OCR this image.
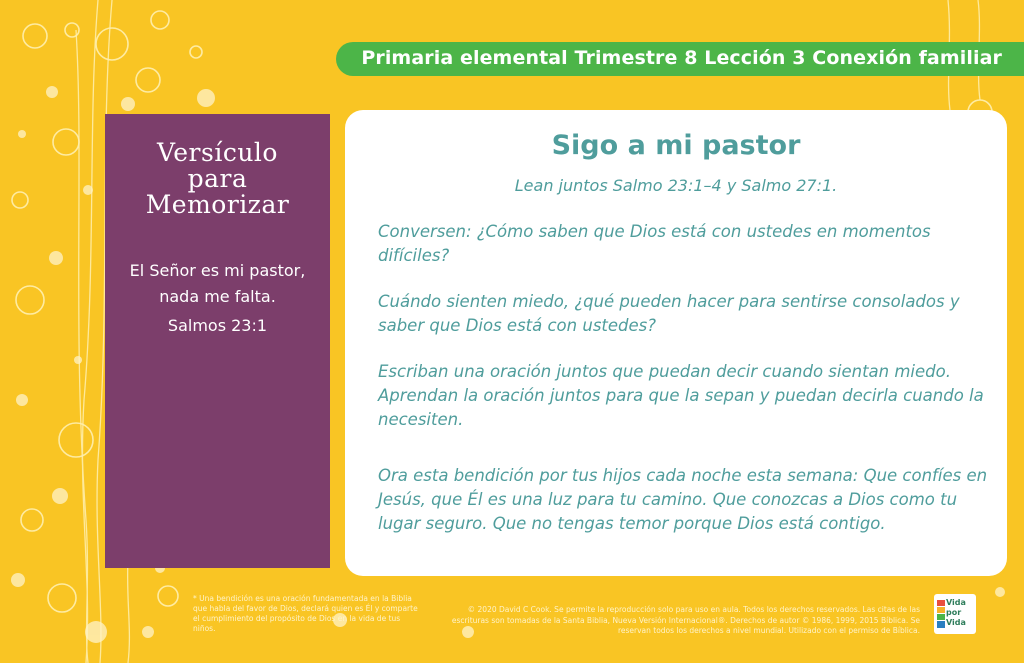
Primaria elemental Trimestre 8 Lección 3 Conexión familiar
Versículo
para
Memorizar

El Señor es mi pastor, nada me falta.

Salmos 23:1

Sigo a mi pastor
Lean juntos Salmo 23:1–4 y Salmo 27:1.

Conversen: ¿Cómo saben que Dios está con ustedes en momentos difíciles?

Cuándo sienten miedo, ¿qué pueden hacer para sentirse consolados y saber que Dios está con ustedes?

Escriban una oración juntos que puedan decir cuando sientan miedo. Aprendan la oración juntos para que la sepan y puedan decirla cuando la necesiten.

Ora esta bendición por tus hijos cada noche esta semana: Que confíes en Jesús, que Él es una luz para tu camino. Que conozcas a Dios como tu lugar seguro. Que no tengas temor porque Dios está contigo.

* Una bendición es una oración fundamentada en la Biblia que habla del favor de Dios, declará quien es Él y comparte el cumplimiento del propósito de Dios en la vida de tus niños.
© 2020 David C Cook. Se permite la reproducción solo para uso en aula. Todos los derechos reservados. Las citas de las escrituras son tomadas de la Santa Biblia, Nueva Versión Internacional®. Derechos de autor © 1986, 1999, 2015 Bíblica. Se reservan todos los derechos a nivel mundial. Utilizado con el permiso de Bíblica.
Vida
por
Vida
